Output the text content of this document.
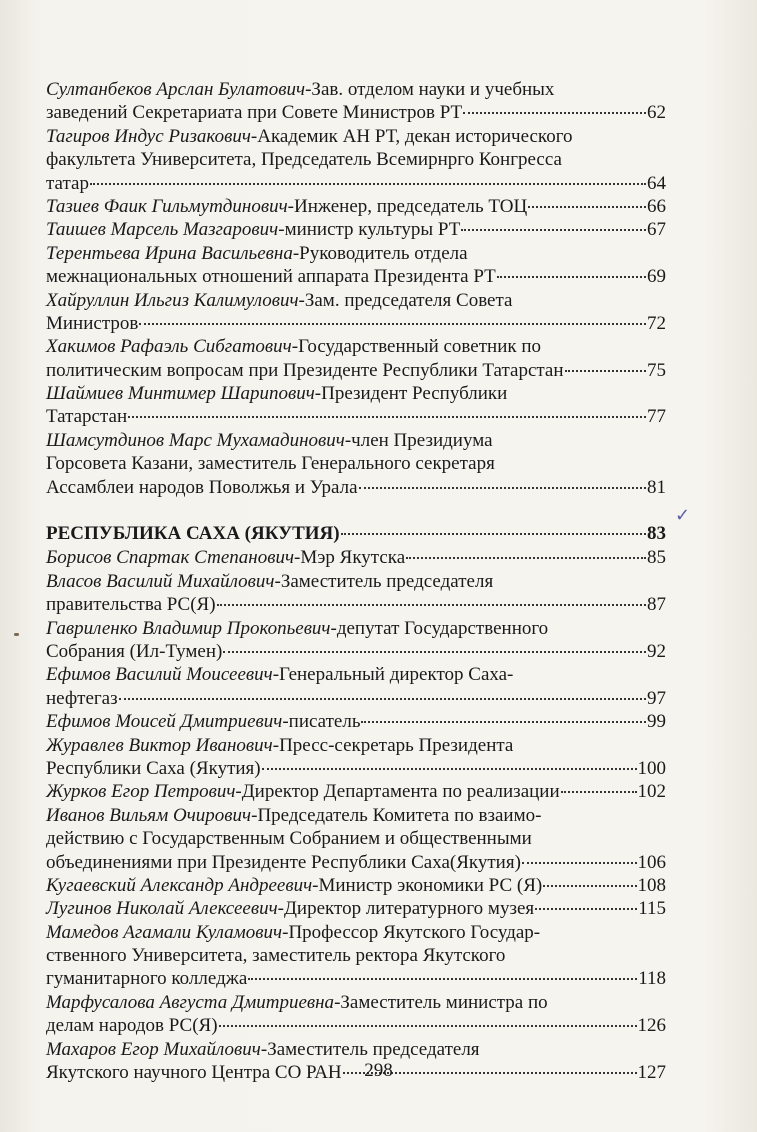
Султанбеков Арслан Булатович - Зав. отделом науки и учебных
заведений Секретариата при Совете Министров РТ	62
Тагиров Индус Ризакович - Академик АН РТ, декан исторического
факультета Университета, Председатель Всемирнрго Конгресса
татар	64
Тазиев Фаик Гильмутдинович - Инженер, председатель ТОЦ	66
Таишев Марсель Мазгарович - министр культуры РТ	67
Терентьева Ирина Васильевна - Руководитель отдела
межнациональных отношений аппарата Президента РТ	69
Хайруллин Ильгиз Калимулович - Зам. председателя Совета
Министров	72
Хакимов Рафаэль Сибгатович - Государственный советник по
политическим вопросам при Президенте Республики Татарстан	75
Шаймиев Минтимер Шарипович - Президент Республики
Татарстан	77
Шамсутдинов Марс Мухамадинович - член Президиума
Горсовета Казани, заместитель Генерального секретаря
Ассамблеи народов Поволжья и Урала	81
РЕСПУБЛИКА САХА (ЯКУТИЯ)	83
Борисов Спартак Степанович - Мэр Якутска	85
Власов Василий Михайлович - Заместитель председателя
правительства РС(Я)	87
Гавриленко Владимир Прокопьевич - депутат Государственного
Собрания (Ил-Тумен)	92
Ефимов Василий Моисеевич - Генеральный директор Саха-
нефтегаз	97
Ефимов Моисей Дмитриевич - писатель	99
Журавлев Виктор Иванович - Пресс-секретарь Президента
Республики Саха (Якутия)	100
Журков Егор Петрович - Директор Департамента по реализации	102
Иванов Вильям Очирович - Председатель Комитета по взаимо-
действию с Государственным Собранием и общественными
объединениями при Президенте Республики Саха(Якутия)	106
Кугаевский Александр Андреевич - Министр экономики РС (Я)	108
Лугинов Николай Алексеевич - Директор литературного музея	115
Мамедов Агамали Куламович - Профессор Якутского Государ-
ственного Университета, заместитель ректора Якутского
гуманитарного колледжа	118
Марфусалова Августа Дмитриевна - Заместитель министра по
делам народов РС(Я)	126
Махаров Егор Михайлович - Заместитель председателя
Якутского научного Центра СО РАН	127
✓
298
